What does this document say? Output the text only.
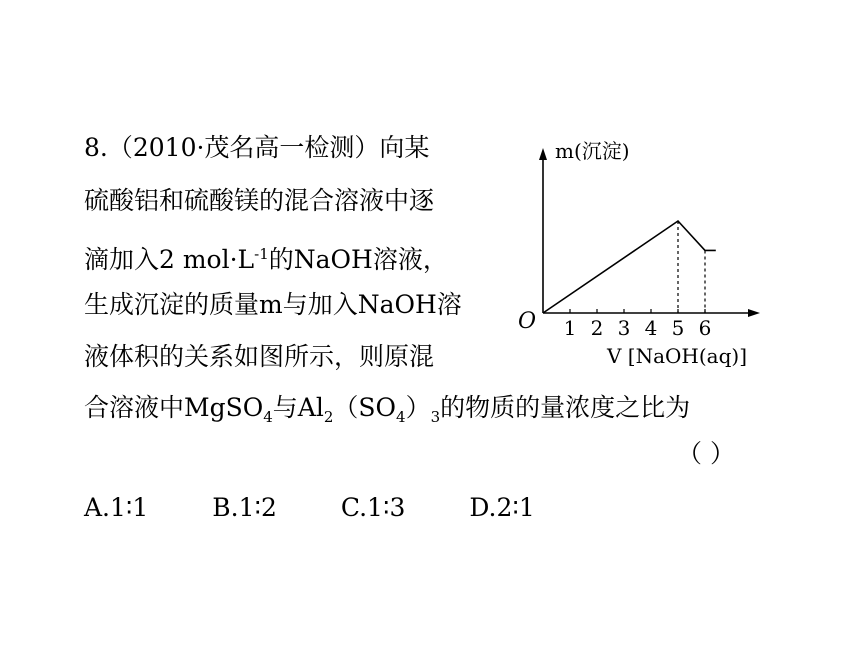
8.（2010·茂名高一检测）向某
硫酸铝和硫酸镁的混合溶液中逐
滴加入2 $mol\cdot L^{-1}$的NaOH溶液，
生成沉淀的质量m与加入NaOH溶
液体积的关系如图所示，则原混
合溶液中MgSO$_4$与$Al_2(SO_4)_3$的物质的量浓度之比为
（ ）
A.1∶1	B.1∶2	C.1∶3	D.2∶1
m(沉淀)
V [NaOH(aq)]
O 1 2 3 4 5 6
